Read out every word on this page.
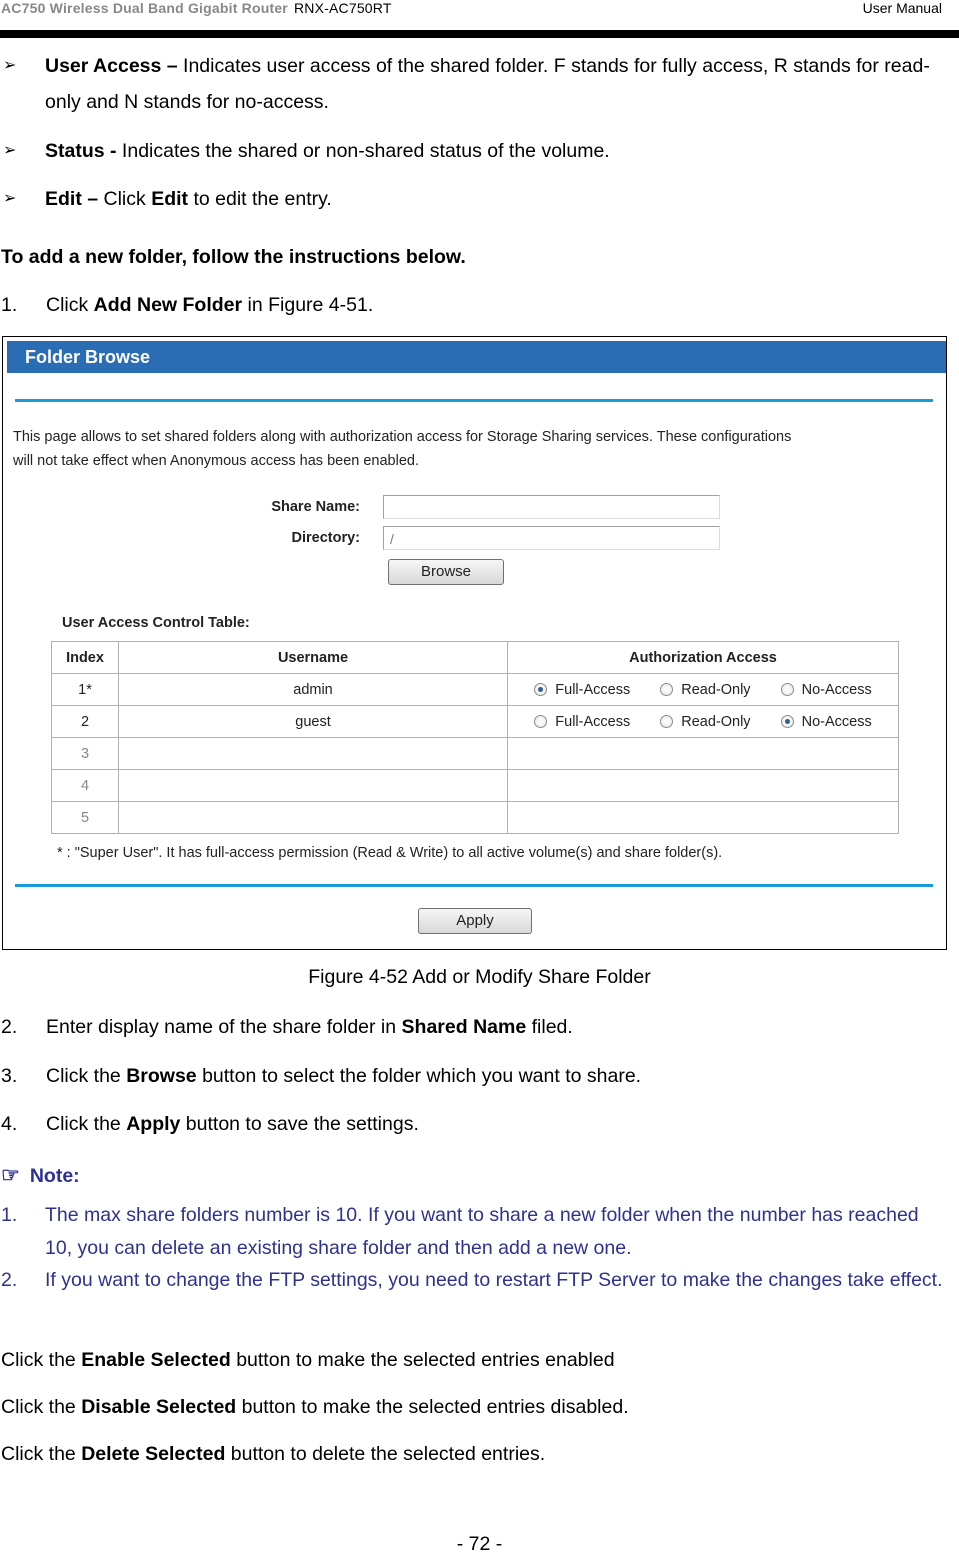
AC750 Wireless Dual Band Gigabit Router RNX-AC750RT	User Manual
➢ User Access – Indicates user access of the shared folder. F stands for fully access, R stands for read-only and N stands for no-access.
➢ Status - Indicates the shared or non-shared status of the volume.
➢ Edit – Click Edit to edit the entry.
To add a new folder, follow the instructions below.
1. Click Add New Folder in Figure 4-51.
Folder Browse
This page allows to set shared folders along with authorization access for Storage Sharing services. These configurations
will not take effect when Anonymous access has been enabled.
Share Name:
Directory:	/
Browse
User Access Control Table:
Index	Username	Authorization Access
1*	admin	Full-Access Read-Only No-Access
2	guest	Full-Access Read-Only No-Access
3		
4		
5		
* : "Super User". It has full-access permission (Read & Write) to all active volume(s) and share folder(s).
Apply
Figure 4-52 Add or Modify Share Folder
2. Enter display name of the share folder in Shared Name filed.
3. Click the Browse button to select the folder which you want to share.
4. Click the Apply button to save the settings.
☞ Note:
1. The max share folders number is 10. If you want to share a new folder when the number has reached 10, you can delete an existing share folder and then add a new one.
2. If you want to change the FTP settings, you need to restart FTP Server to make the changes take effect.
Click the Enable Selected button to make the selected entries enabled
Click the Disable Selected button to make the selected entries disabled.
Click the Delete Selected button to delete the selected entries.
- 72 -
